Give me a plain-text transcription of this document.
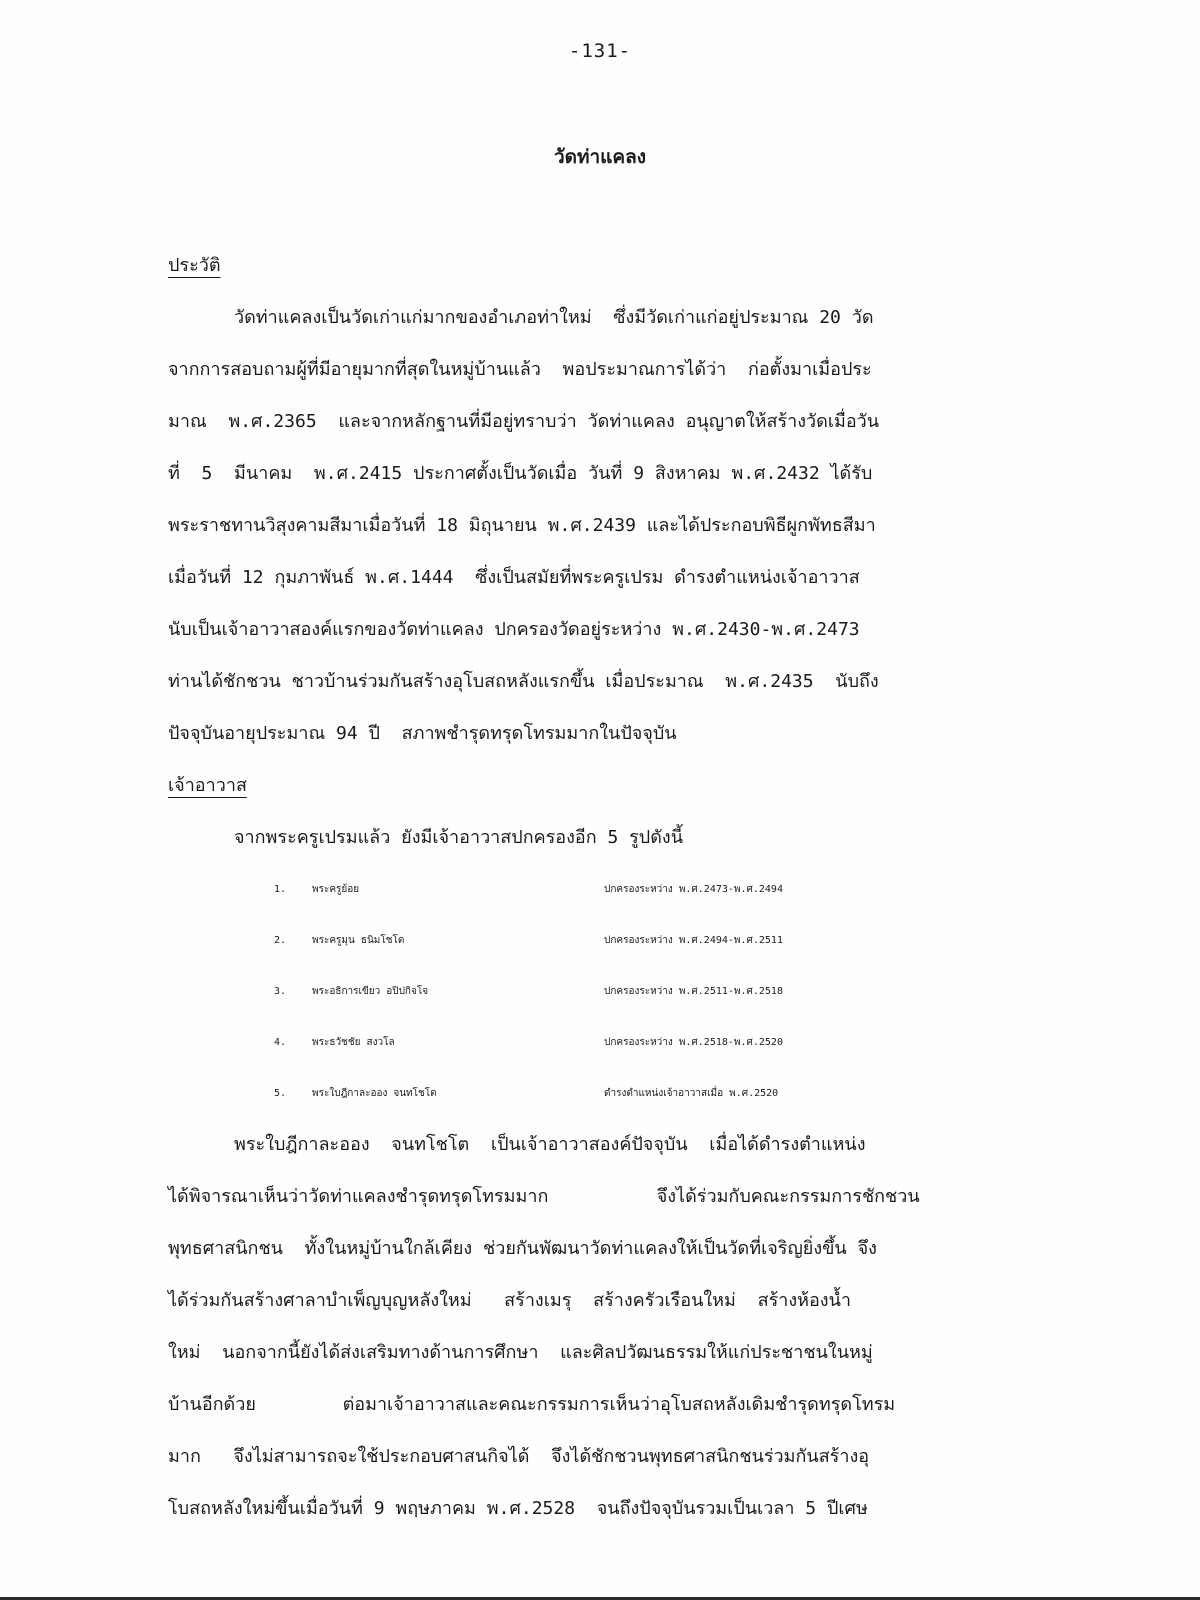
-131-
วัดท่าแคลง
ประวัติ
วัดท่าแคลงเป็นวัดเก่าแก่มากของอำเภอท่าใหม่  ซึ่งมีวัดเก่าแก่อยู่ประมาณ 20 วัด
จากการสอบถามผู้ที่มีอายุมากที่สุดในหมู่บ้านแล้ว  พอประมาณการได้ว่า  ก่อตั้งมาเมื่อประ
มาณ  พ.ศ.2365  และจากหลักฐานที่มีอยู่ทราบว่า วัดท่าแคลง อนุญาตให้สร้างวัดเมื่อวัน
ที่  5  มีนาคม  พ.ศ.2415 ประกาศตั้งเป็นวัดเมื่อ วันที่ 9 สิงหาคม พ.ศ.2432 ได้รับ
พระราชทานวิสุงคามสีมาเมื่อวันที่ 18 มิถุนายน พ.ศ.2439 และได้ประกอบพิธีผูกพัทธสีมา
เมื่อวันที่ 12 กุมภาพันธ์ พ.ศ.1444  ซึ่งเป็นสมัยที่พระครูเปรม ดำรงตำแหน่งเจ้าอาวาส
นับเป็นเจ้าอาวาสองค์แรกของวัดท่าแคลง ปกครองวัดอยู่ระหว่าง พ.ศ.2430-พ.ศ.2473
ท่านได้ชักชวน ชาวบ้านร่วมกันสร้างอุโบสถหลังแรกขึ้น เมื่อประมาณ  พ.ศ.2435  นับถึง
ปัจจุบันอายุประมาณ 94 ปี  สภาพชำรุดทรุดโทรมมากในปัจจุบัน
เจ้าอาวาส
จากพระครูเปรมแล้ว ยังมีเจ้าอาวาสปกครองอีก 5 รูปดังนี้
1.	พระครูย้อย	ปกครองระหว่าง พ.ศ.2473-พ.ศ.2494
2.	พระครูมุน ธนิมโชโต	ปกครองระหว่าง พ.ศ.2494-พ.ศ.2511
3.	พระอธิการเขียว อปิปกิจโจ	ปกครองระหว่าง พ.ศ.2511-พ.ศ.2518
4.	พระธวัชชัย สงวโล	ปกครองระหว่าง พ.ศ.2518-พ.ศ.2520
5.	พระใบฎีกาละออง จนทโชโต	ดำรงตำแหน่งเจ้าอาวาสเมื่อ พ.ศ.2520
พระใบฎีกาละออง  จนทโชโต  เป็นเจ้าอาวาสองค์ปัจจุบัน  เมื่อได้ดำรงตำแหน่ง
ได้พิจารณาเห็นว่าวัดท่าแคลงชำรุดทรุดโทรมมาก          จึงได้ร่วมกับคณะกรรมการชักชวน
พุทธศาสนิกชน  ทั้งในหมู่บ้านใกล้เคียง ช่วยกันพัฒนาวัดท่าแคลงให้เป็นวัดที่เจริญยิ่งขึ้น จึง
ได้ร่วมกันสร้างศาลาบำเพ็ญบุญหลังใหม่   สร้างเมรุ  สร้างครัวเรือนใหม่  สร้างห้องน้ำ
ใหม่  นอกจากนี้ยังได้ส่งเสริมทางด้านการศึกษา  และศิลปวัฒนธรรมให้แก่ประชาชนในหมู่
บ้านอีกด้วย        ต่อมาเจ้าอาวาสและคณะกรรมการเห็นว่าอุโบสถหลังเดิมชำรุดทรุดโทรม
มาก   จึงไม่สามารถจะใช้ประกอบศาสนกิจได้  จึงได้ชักชวนพุทธศาสนิกชนร่วมกันสร้างอุ
โบสถหลังใหม่ขึ้นเมื่อวันที่ 9 พฤษภาคม พ.ศ.2528  จนถึงปัจจุบันรวมเป็นเวลา 5 ปีเศษ
